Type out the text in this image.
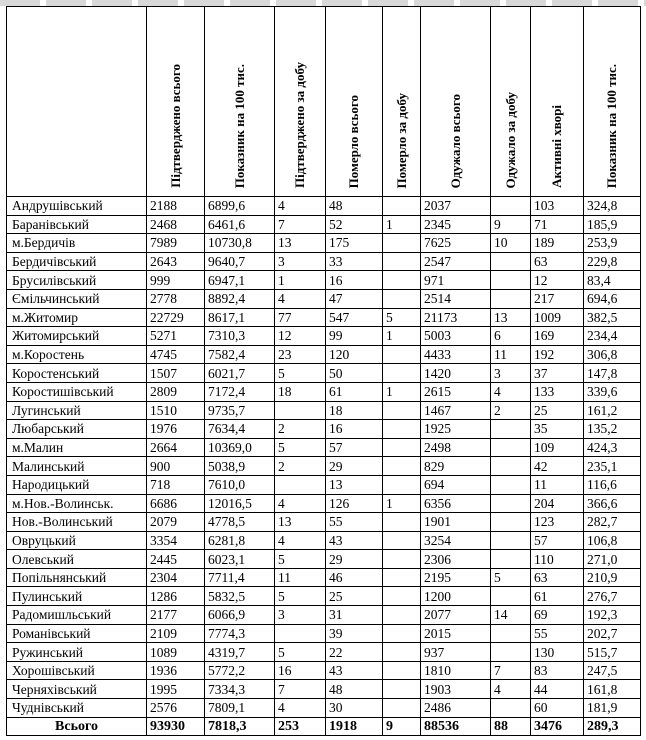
	Підтверджено всього	Показник на 100 тис.	Підтверджено за добу	Померло всього	Померло за добу	Одужало всього	Одужало за добу	Активні хворі	Показник на 100 тис.
Андрушівський	2188	6899,6	4	48		2037		103	324,8
Баранівський	2468	6461,6	7	52	1	2345	9	71	185,9
м.Бердичів	7989	10730,8	13	175		7625	10	189	253,9
Бердичівський	2643	9640,7	3	33		2547		63	229,8
Брусилівський	999	6947,1	1	16		971		12	83,4
Ємільчинський	2778	8892,4	4	47		2514		217	694,6
м.Житомир	22729	8617,1	77	547	5	21173	13	1009	382,5
Житомирський	5271	7310,3	12	99	1	5003	6	169	234,4
м.Коростень	4745	7582,4	23	120		4433	11	192	306,8
Коростенський	1507	6021,7	5	50		1420	3	37	147,8
Коростишівський	2809	7172,4	18	61	1	2615	4	133	339,6
Лугинський	1510	9735,7		18		1467	2	25	161,2
Любарський	1976	7634,4	2	16		1925		35	135,2
м.Малин	2664	10369,0	5	57		2498		109	424,3
Малинський	900	5038,9	2	29		829		42	235,1
Народицький	718	7610,0		13		694		11	116,6
м.Нов.-Волинськ.	6686	12016,5	4	126	1	6356		204	366,6
Нов.-Волинський	2079	4778,5	13	55		1901		123	282,7
Овруцький	3354	6281,8	4	43		3254		57	106,8
Олевський	2445	6023,1	5	29		2306		110	271,0
Попільнянський	2304	7711,4	11	46		2195	5	63	210,9
Пулинський	1286	5832,5	5	25		1200		61	276,7
Радомишльський	2177	6066,9	3	31		2077	14	69	192,3
Романівський	2109	7774,3		39		2015		55	202,7
Ружинський	1089	4319,7	5	22		937		130	515,7
Хорошівський	1936	5772,2	16	43		1810	7	83	247,5
Черняхівський	1995	7334,3	7	48		1903	4	44	161,8
Чуднівський	2576	7809,1	4	30		2486		60	181,9
Всього	93930	7818,3	253	1918	9	88536	88	3476	289,3
